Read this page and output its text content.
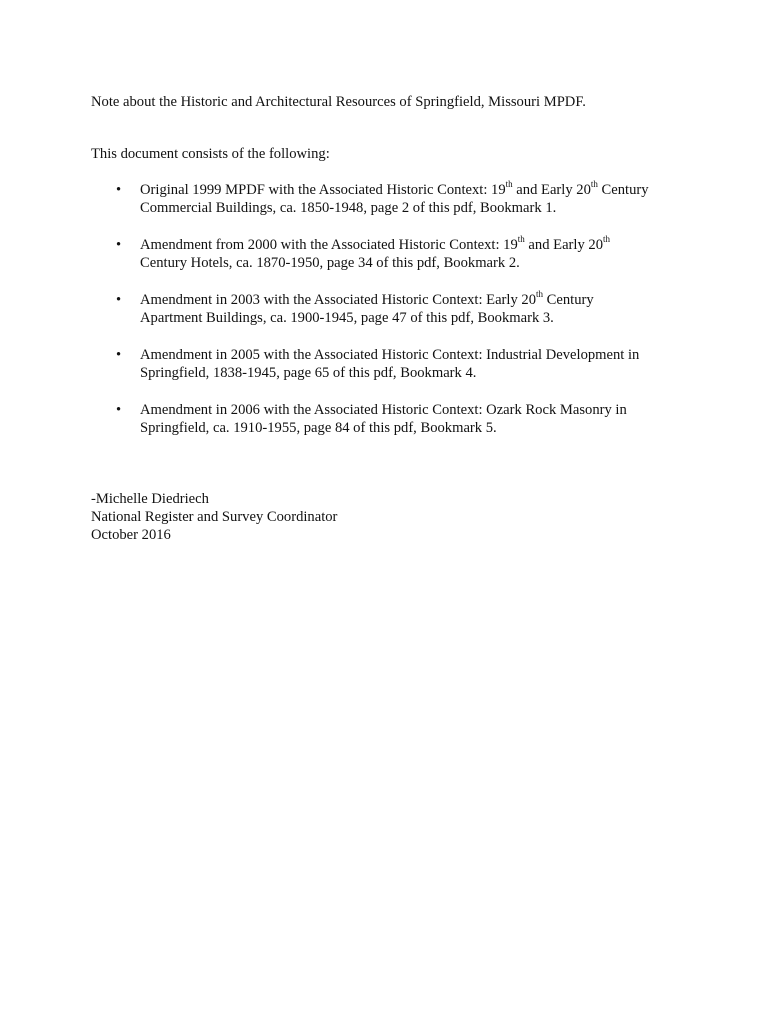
Note about the Historic and Architectural Resources of Springfield, Missouri MPDF.

This document consists of the following:

•	Original 1999 MPDF with the Associated Historic Context: 19th and Early 20th Century
Commercial Buildings, ca. 1850-1948, page 2 of this pdf, Bookmark 1.
•	Amendment from 2000 with the Associated Historic Context: 19th and Early 20th
Century Hotels, ca. 1870-1950, page 34 of this pdf, Bookmark 2.
•	Amendment in 2003 with the Associated Historic Context: Early 20th Century
Apartment Buildings, ca. 1900-1945, page 47 of this pdf, Bookmark 3.
•	Amendment in 2005 with the Associated Historic Context: Industrial Development in
Springfield, 1838-1945, page 65 of this pdf, Bookmark 4.
•	Amendment in 2006 with the Associated Historic Context: Ozark Rock Masonry in
Springfield, ca. 1910-1955, page 84 of this pdf, Bookmark 5.
-Michelle Diedriech
National Register and Survey Coordinator
October 2016
